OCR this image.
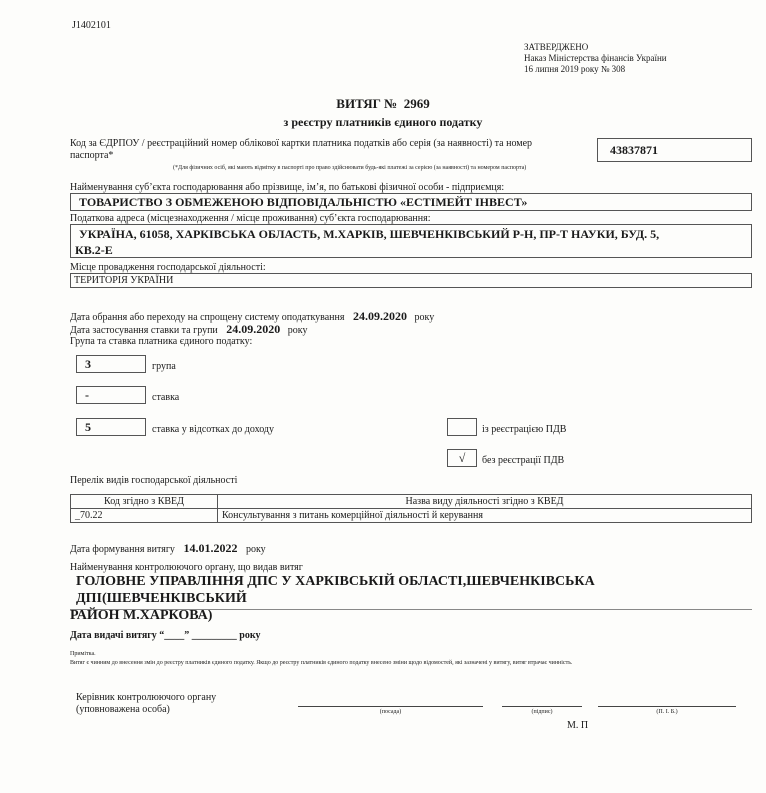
J1402101
ЗАТВЕРДЖЕНО
Наказ Міністерства фінансів України
16 липня 2019 року № 308
ВИТЯГ № 2969
з реєстру платників єдиного податку
Код за ЄДРПОУ / реєстраційний номер облікової картки платника податків або серія (за наявності) та номер паспорта*	43837871
(*Для фізичних осіб, які мають відмітку в паспорті про право здійснювати будь-які платежі за серією (за наявності) та номером паспорта)
Найменування суб’єкта господарювання або прізвище, ім’я, по батькові фізичної особи - підприємця:
ТОВАРИСТВО З ОБМЕЖЕНОЮ ВІДПОВІДАЛЬНІСТЮ «ЕСТІМЕЙТ ІНВЕСТ»
Податкова адреса (місцезнаходження / місце проживання) суб’єкта господарювання:
УКРАЇНА, 61058, ХАРКІВСЬКА ОБЛАСТЬ, М.ХАРКІВ, ШЕВЧЕНКІВСЬКИЙ Р-Н, ПР-Т НАУКИ, БУД. 5,
КВ.2-Е
Місце провадження господарської діяльності:
ТЕРИТОРІЯ УКРАЇНИ
Дата обрання або переходу на спрощену систему оподаткування 24.09.2020 року
Дата застосування ставки та групи 24.09.2020 року
Група та ставка платника єдиного податку:
3	група
-	ставка
5	ставка у відсотках до доходу	із реєстрацією ПДВ
√	без реєстрації ПДВ
Перелік видів господарської діяльності
Код згідно з КВЕД	Назва виду діяльності згідно з КВЕД
_70.22	Консультування з питань комерційної діяльності й керування
Дата формування витягу 14.01.2022 року
Найменування контролюючого органу, що видав витяг
ГОЛОВНЕ УПРАВЛІННЯ ДПС У ХАРКІВСЬКІЙ ОБЛАСТІ,ШЕВЧЕНКІВСЬКА ДПІ(ШЕВЧЕНКІВСЬКИЙ
РАЙОН М.ХАРКОВА)
Дата видачі витягу “____” _________ року
Примітка.
Витяг є чинним до внесення змін до реєстру платників єдиного податку. Якщо до реєстру платників єдиного податку внесено зміни щодо відомостей, які зазначені у витягу, витяг втрачає чинність.
Керівник контролюючого органу
(уповноважена особа)	(посада)	(підпис)	(П. І. Б.)
М. П
